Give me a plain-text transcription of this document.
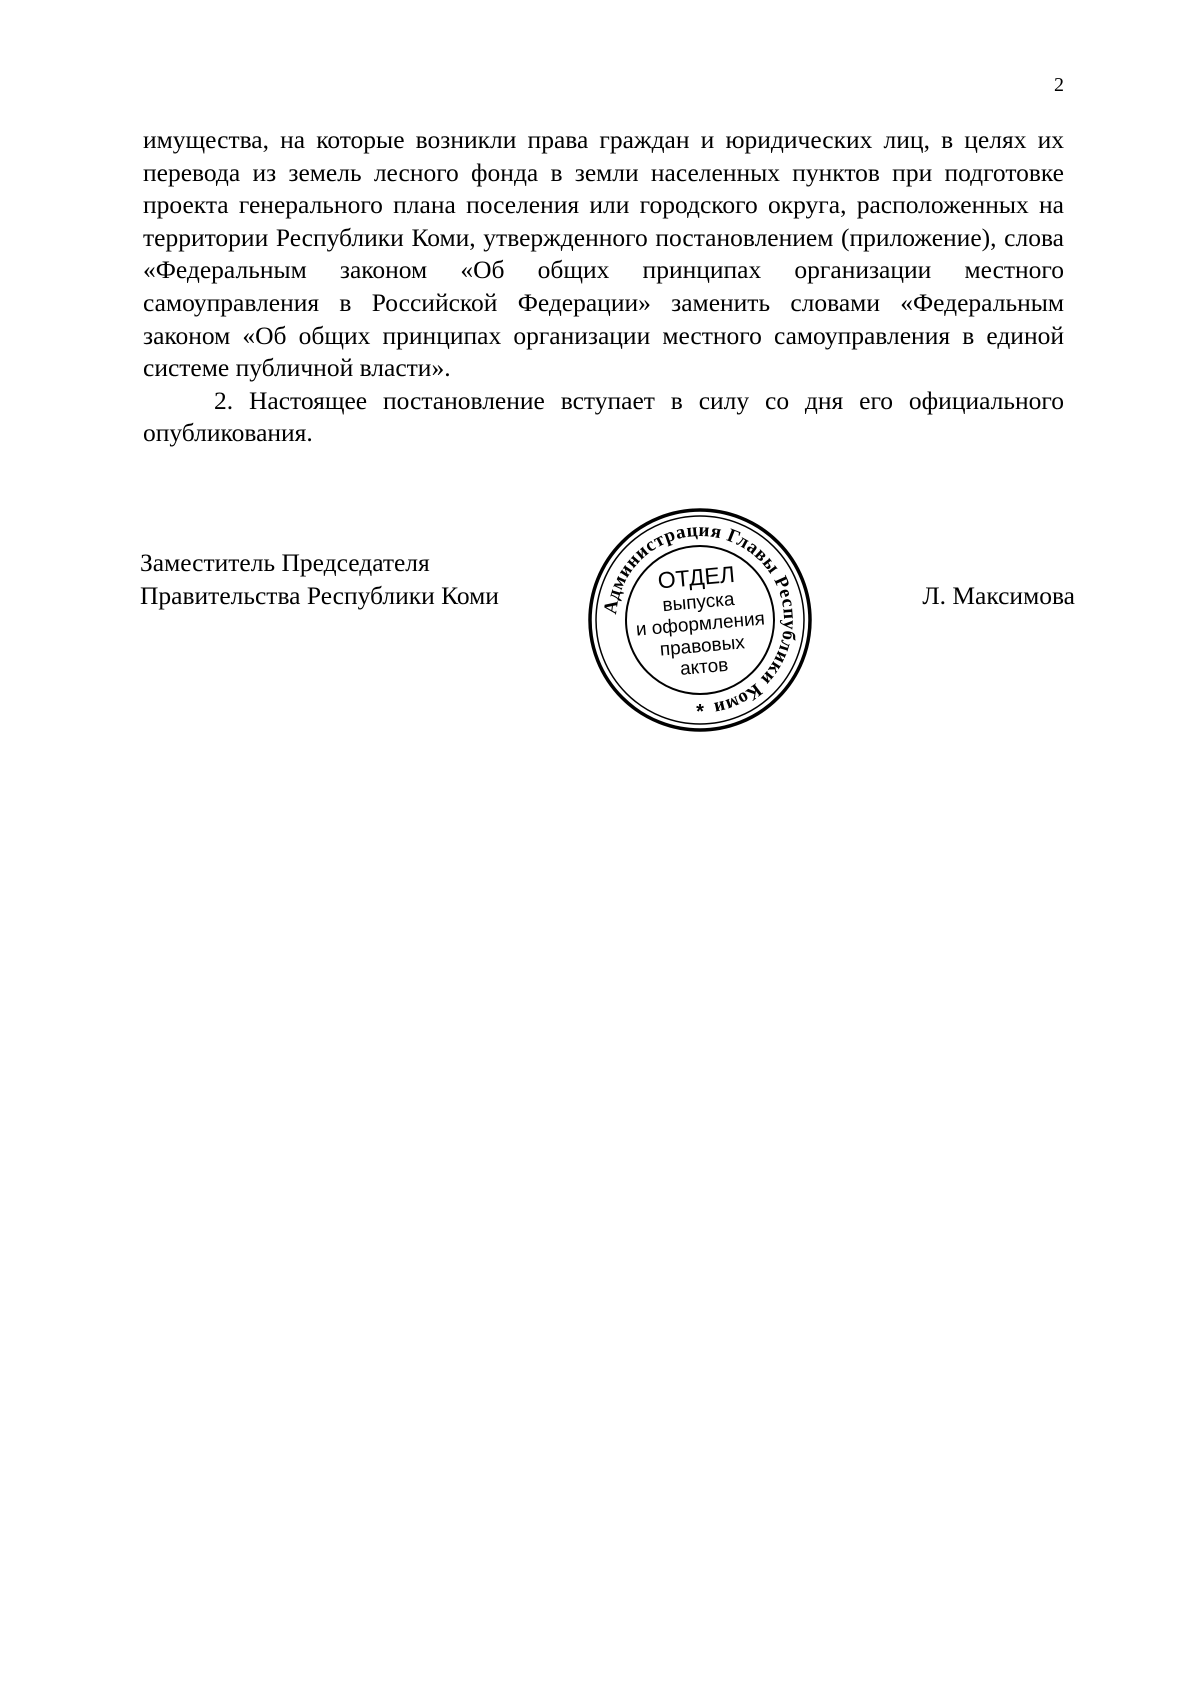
2

имущества, на которые возникли права граждан и юридических лиц, в целях их перевода из земель лесного фонда в земли населенных пунктов при подготовке проекта генерального плана поселения или городского округа, расположенных на территории Республики Коми, утвержденного постановлением (приложение), слова «Федеральным законом «Об общих принципах организации местного самоуправления в Российской Федерации» заменить словами «Федеральным законом «Об общих принципах организации местного самоуправления в единой системе публичной власти».

2. Настоящее постановление вступает в силу со дня его официального опубликования.

Заместитель Председателя
Правительства Республики Коми	Л. Максимова
Администрация Главы Республики Коми
ОТДЕЛ
выпуска
и оформления
правовых
актов
*
